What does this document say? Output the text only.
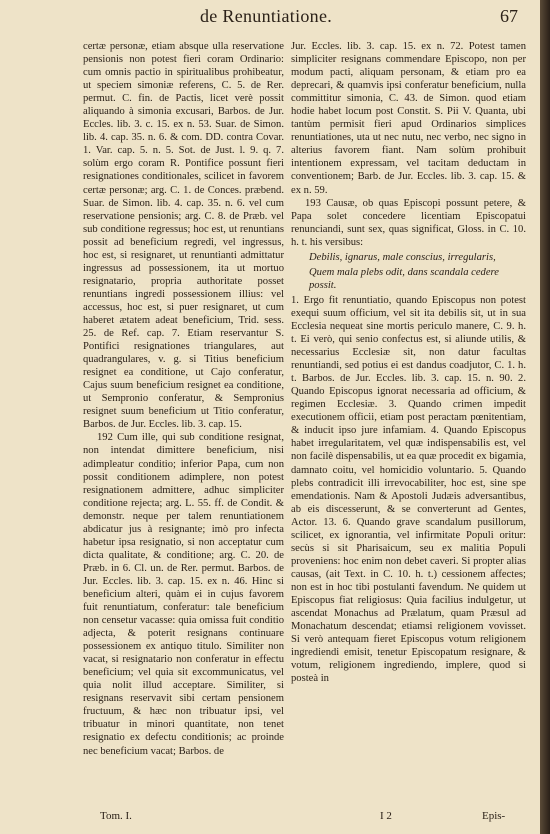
de Renuntiatione.	67

certæ personæ, etiam absque ulla reservatione pensionis non potest fieri coram Ordinario: cum omnis pactio in spiritualibus prohibeatur, ut speciem simoniæ referens, C. 5. de Rer. permut. C. fin. de Pactis, licet verè possit aliquando à simonia excusari, Barbos. de Jur. Eccles. lib. 3. c. 15. ex n. 53. Suar. de Simon. lib. 4. cap. 35. n. 6. & com. DD. contra Covar. 1. Var. cap. 5. n. 5. Sot. de Just. l. 9. q. 7. solùm ergo coram R. Pontifice possunt fieri resignationes conditionales, scilicet in favorem certæ personæ; arg. C. 1. de Conces. præbend. Suar. de Simon. lib. 4. cap. 35. n. 6. vel cum reservatione pensionis; arg. C. 8. de Præb. vel sub conditione regressus; hoc est, ut renuntians possit ad beneficium regredi, vel ingressus, hoc est, si resignaret, ut renuntianti admittatur ingressus ad possessionem, ita ut mortuo resignatario, propria authoritate posset renuntians ingredi possessionem illius: vel accessus, hoc est, si puer resignaret, ut cum haberet ætatem adeat beneficium, Trid. sess. 25. de Ref. cap. 7. Etiam reservantur S. Pontifici resignationes triangulares, aut quadrangulares, v. g. si Titius beneficium resignet ea conditione, ut Cajo conferatur, Cajus suum beneficium resignet ea conditione, ut Sempronio conferatur, & Sempronius resignet suum beneficium ut Titio conferatur, Barbos. de Jur. Eccles. lib. 3. cap. 15.

192 Cum ille, qui sub conditione resignat, non intendat dimittere beneficium, nisi adimpleatur conditio; inferior Papa, cum non possit conditionem adimplere, non potest resignationem admittere, adhuc simpliciter conditione rejecta; arg. L. 55. ff. de Condit. & demonstr. neque per talem renuntiationem abdicatur jus à resignante; imò pro infecta habetur ipsa resignatio, si non acceptatur cum dicta qualitate, & conditione; arg. C. 20. de Præb. in 6. Cl. un. de Rer. permut. Barbos. de Jur. Eccles. lib. 3. cap. 15. ex n. 46. Hinc si beneficium alteri, quàm ei in cujus favorem fuit renuntiatum, conferatur: tale beneficium non censetur vacasse: quia omissa fuit conditio adjecta, & poterit resignans continuare possessionem ex antiquo titulo. Similiter non vacat, si resignatario non conferatur in effectu beneficium; vel quia sit excommunicatus, vel quia nolit illud acceptare. Similiter, si resignans reservavit sibi certam pensionem fructuum, & hæc non tribuatur ipsi, vel tribuatur in minori quantitate, non tenet resignatio ex defectu conditionis; ac proinde nec beneficium vacat; Barbos. de

Jur. Eccles. lib. 3. cap. 15. ex n. 72. Potest tamen simpliciter resignans commendare Episcopo, non per modum pacti, aliquam personam, & etiam pro ea deprecari, & quamvis ipsi conferatur beneficium, nulla committitur simonia, C. 43. de Simon. quod etiam hodie habet locum post Constit. S. Pii V. Quanta, ubi tantùm permisit fieri apud Ordinarios simplices renuntiationes, uta ut nec nutu, nec verbo, nec signo in alterius favorem fiant. Nam solùm prohibuit intentionem expressam, vel tacitam deductam in conventionem; Barb. de Jur. Eccles. lib. 3. cap. 15. & ex n. 59.

193 Causæ, ob quas Episcopi possunt petere, & Papa solet concedere licentiam Episcopatui renunciandi, sunt sex, quas significat, Gloss. in C. 10. h. t. his versibus:

Debilis, ignarus, male conscius, irregularis,

Quem mala plebs odit, dans scandala cedere possit.

1. Ergo fit renuntiatio, quando Episcopus non potest exequi suum officium, vel sit ita debilis sit, ut in sua Ecclesia nequeat sine mortis periculo manere, C. 9. h. t. Ei verò, qui senio confectus est, si aliunde utilis, & necessarius Ecclesiæ sit, non datur facultas renuntiandi, sed potius ei est dandus coadjutor, C. 1. h. t. Barbos. de Jur. Eccles. lib. 3. cap. 15. n. 90. 2. Quando Episcopus ignorat necessaria ad officium, & regimen Ecclesiæ. 3. Quando crimen impedit executionem officii, etiam post peractam pœnitentiam, & inducit ipso jure infamiam. 4. Quando Episcopus habet irregularitatem, vel quæ indispensabilis est, vel non facilè dispensabilis, ut ea quæ procedit ex bigamia, damnato coitu, vel homicidio voluntario. 5. Quando plebs contradicit illi irrevocabiliter, hoc est, sine spe emendationis. Nam & Apostoli Judæis adversantibus, ab eis discesserunt, & se converterunt ad Gentes, Actor. 13. 6. Quando grave scandalum pusillorum, scilicet, ex ignorantia, vel infirmitate Populi oritur: secùs si sit Pharisaicum, seu ex malitia Populi proveniens: hoc enim non debet caveri. Si propter alias causas, (ait Text. in C. 10. h. t.) cessionem affectes; non est in hoc tibi postulanti favendum. Ne quidem ut Episcopus fiat religiosus: Quia facilius indulgetur, ut ascendat Monachus ad Prælatum, quam Præsul ad Monachatum descendat; etiamsi religionem vovisset. Si verò antequam fieret Episcopus votum religionem ingrediendi emisit, tenetur Episcopatum resignare, & votum, religionem ingrediendo, implere, quod si posteà in

Tom. I.	I 2	Epis-
